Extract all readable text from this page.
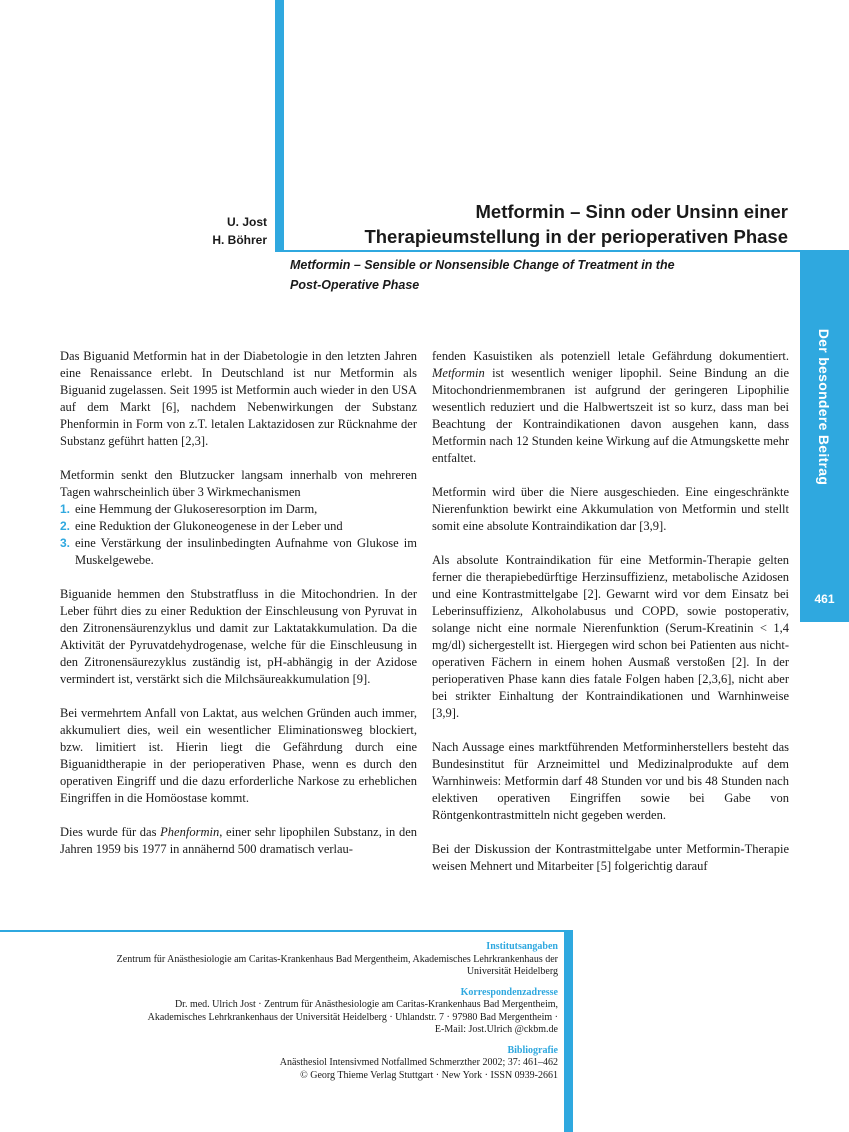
Der besondere Beitrag
461
U. Jost
H. Böhrer
Metformin – Sinn oder Unsinn einer
Therapieumstellung in der perioperativen Phase
Metformin – Sensible or Nonsensible Change of Treatment in the
Post-Operative Phase

Das Biguanid Metformin hat in der Diabetologie in den letzten Jahren eine Renaissance erlebt. In Deutschland ist nur Metformin als Biguanid zugelassen. Seit 1995 ist Metformin auch wieder in den USA auf dem Markt [6], nachdem Nebenwirkungen der Substanz Phenformin in Form von z.T. letalen Laktazidosen zur Rücknahme der Substanz geführt hatten [2,3].

Metformin senkt den Blutzucker langsam innerhalb von mehreren Tagen wahrscheinlich über 3 Wirkmechanismen

1. eine Hemmung der Glukoseresorption im Darm,
2. eine Reduktion der Glukoneogenese in der Leber und
3. eine Verstärkung der insulinbedingten Aufnahme von Glukose im Muskelgewebe.

Biguanide hemmen den Stubstratfluss in die Mitochondrien. In der Leber führt dies zu einer Reduktion der Einschleusung von Pyruvat in den Zitronensäurenzyklus und damit zur Laktatakkumulation. Da die Aktivität der Pyruvatdehydrogenase, welche für die Einschleusung in den Zitronensäurezyklus zuständig ist, pH-abhängig in der Azidose vermindert ist, verstärkt sich die Milchsäureakkumulation [9].

Bei vermehrtem Anfall von Laktat, aus welchen Gründen auch immer, akkumuliert dies, weil ein wesentlicher Eliminationsweg blockiert, bzw. limitiert ist. Hierin liegt die Gefährdung durch eine Biguanidtherapie in der perioperativen Phase, wenn es durch den operativen Eingriff und die dazu erforderliche Narkose zu erheblichen Eingriffen in die Homöostase kommt.

Dies wurde für das Phenformin, einer sehr lipophilen Substanz, in den Jahren 1959 bis 1977 in annähernd 500 dramatisch verlau-

fenden Kasuistiken als potenziell letale Gefährdung dokumentiert. Metformin ist wesentlich weniger lipophil. Seine Bindung an die Mitochondrienmembranen ist aufgrund der geringeren Lipophilie wesentlich reduziert und die Halbwertszeit ist so kurz, dass man bei Beachtung der Kontraindikationen davon ausgehen kann, dass Metformin nach 12 Stunden keine Wirkung auf die Atmungskette mehr entfaltet.

Metformin wird über die Niere ausgeschieden. Eine eingeschränkte Nierenfunktion bewirkt eine Akkumulation von Metformin und stellt somit eine absolute Kontraindikation dar [3,9].

Als absolute Kontraindikation für eine Metformin-Therapie gelten ferner die therapiebedürftige Herzinsuffizienz, metabolische Azidosen und eine Kontrastmittelgabe [2]. Gewarnt wird vor dem Einsatz bei Leberinsuffizienz, Alkoholabusus und COPD, sowie postoperativ, solange nicht eine normale Nierenfunktion (Serum-Kreatinin < 1,4 mg/dl) sichergestellt ist. Hiergegen wird schon bei Patienten aus nicht-operativen Fächern in einem hohen Ausmaß verstoßen [2]. In der perioperativen Phase kann dies fatale Folgen haben [2,3,6], nicht aber bei strikter Einhaltung der Kontraindikationen und Warnhinweise [3,9].

Nach Aussage eines marktführenden Metforminherstellers besteht das Bundesinstitut für Arzneimittel und Medizinalprodukte auf dem Warnhinweis: Metformin darf 48 Stunden vor und bis 48 Stunden nach elektiven operativen Eingriffen sowie bei Gabe von Röntgenkontrastmitteln nicht gegeben werden.

Bei der Diskussion der Kontrastmittelgabe unter Metformin-Therapie weisen Mehnert und Mitarbeiter [5] folgerichtig darauf

Institutsangaben
Zentrum für Anästhesiologie am Caritas-Krankenhaus Bad Mergentheim, Akademisches Lehrkrankenhaus der
Universität Heidelberg
Korrespondenzadresse
Dr. med. Ulrich Jost · Zentrum für Anästhesiologie am Caritas-Krankenhaus Bad Mergentheim,
Akademisches Lehrkrankenhaus der Universität Heidelberg · Uhlandstr. 7 · 97980 Bad Mergentheim ·
E-Mail: Jost.Ulrich @ckbm.de
Bibliografie
Anästhesiol Intensivmed Notfallmed Schmerzther 2002; 37: 461–462
© Georg Thieme Verlag Stuttgart · New York · ISSN 0939-2661
